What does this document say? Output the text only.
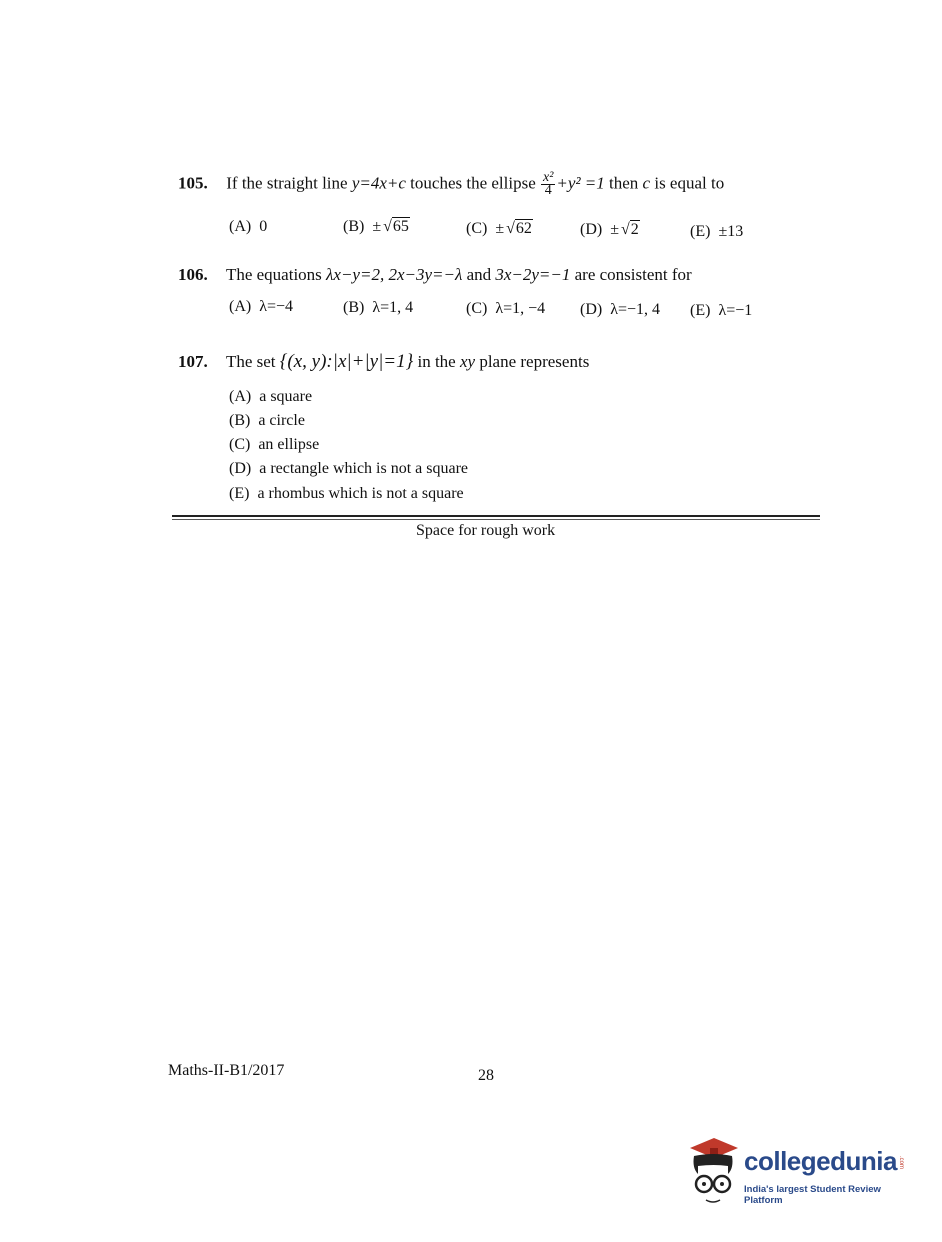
105. If the straight line y=4x+c touches the ellipse $\frac{\text{x²}}{4} +y^2 =1$ then c is equal to
(A) 0	(B) ± √65	(C) ± √62	(D) ± √2	(E) ±13
106. The equations λx−y=2, 2x−3y=−λ and 3x−2y=−1 are consistent for
(A) λ=−4	(B) λ=1, 4	(C) λ=1, −4 (D) λ=−1, 4 (E) λ=−1
107. The set {(x, y):|x|+|y|=1} in the xy plane represents
(A) a square
(B) a circle
(C) an ellipse
(D) a rectangle which is not a square
(E) a rhombus which is not a square
Space for rough work
Maths-II-B1/2017	28
collegedunia .com
India's largest Student Review Platform
